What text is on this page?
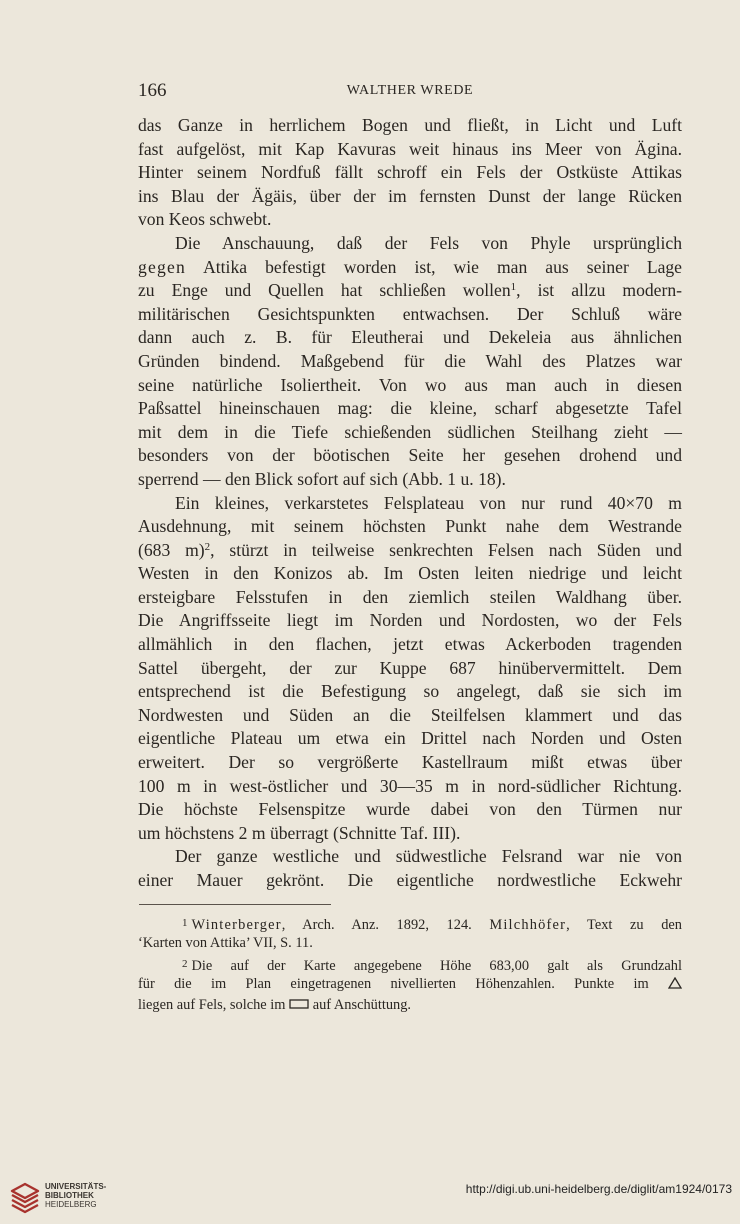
166	WALTHER WREDE
das Ganze in herrlichem Bogen und fließt, in Licht und Luft
fast aufgelöst, mit Kap Kavuras weit hinaus ins Meer von Ägina.
Hinter seinem Nordfuß fällt schroff ein Fels der Ostküste Attikas
ins Blau der Ägäis, über der im fernsten Dunst der lange Rücken
von Keos schwebt.
Die Anschauung, daß der Fels von Phyle ursprünglich
gegen Attika befestigt worden ist, wie man aus seiner Lage
zu Enge und Quellen hat schließen wollen$^1$, ist allzu modern-
militärischen Gesichtspunkten entwachsen. Der Schluß wäre
dann auch z. B. für Eleutherai und Dekeleia aus ähnlichen
Gründen bindend. Maßgebend für die Wahl des Platzes war
seine natürliche Isoliertheit. Von wo aus man auch in diesen
Paßsattel hineinschauen mag: die kleine, scharf abgesetzte Tafel
mit dem in die Tiefe schießenden südlichen Steilhang zieht —
besonders von der böotischen Seite her gesehen drohend und
sperrend — den Blick sofort auf sich (Abb. 1 u. 18).
Ein kleines, verkarstetes Felsplateau von nur rund 40×70 m
Ausdehnung, mit seinem höchsten Punkt nahe dem Westrande
(683 m)$^2$, stürzt in teilweise senkrechten Felsen nach Süden und
Westen in den Konizos ab. Im Osten leiten niedrige und leicht
ersteigbare Felsstufen in den ziemlich steilen Waldhang über.
Die Angriffsseite liegt im Norden und Nordosten, wo der Fels
allmählich in den flachen, jetzt etwas Ackerboden tragenden
Sattel übergeht, der zur Kuppe 687 hinübervermittelt. Dem
entsprechend ist die Befestigung so angelegt, daß sie sich im
Nordwesten und Süden an die Steilfelsen klammert und das
eigentliche Plateau um etwa ein Drittel nach Norden und Osten
erweitert. Der so vergrößerte Kastellraum mißt etwas über
100 m in west-östlicher und 30—35 m in nord-südlicher Richtung.
Die höchste Felsenspitze wurde dabei von den Türmen nur
um höchstens 2 m überragt (Schnitte Taf. III).
Der ganze westliche und südwestliche Felsrand war nie von
einer Mauer gekrönt. Die eigentliche nordwestliche Eckwehr
$^1$ Winterberger, Arch. Anz. 1892, 124. Milchhöfer, Text zu den
‘Karten von Attika’ VII, S. 11.
$^2$ Die auf der Karte angegebene Höhe 683,00 galt als Grundzahl
für die im Plan eingetragenen nivellierten Höhenzahlen. Punkte im
liegen auf Fels, solche im auf Anschüttung.
UNIVERSITÄTS-
BIBLIOTHEK
HEIDELBERG
http://digi.ub.uni-heidelberg.de/diglit/am1924/0173
